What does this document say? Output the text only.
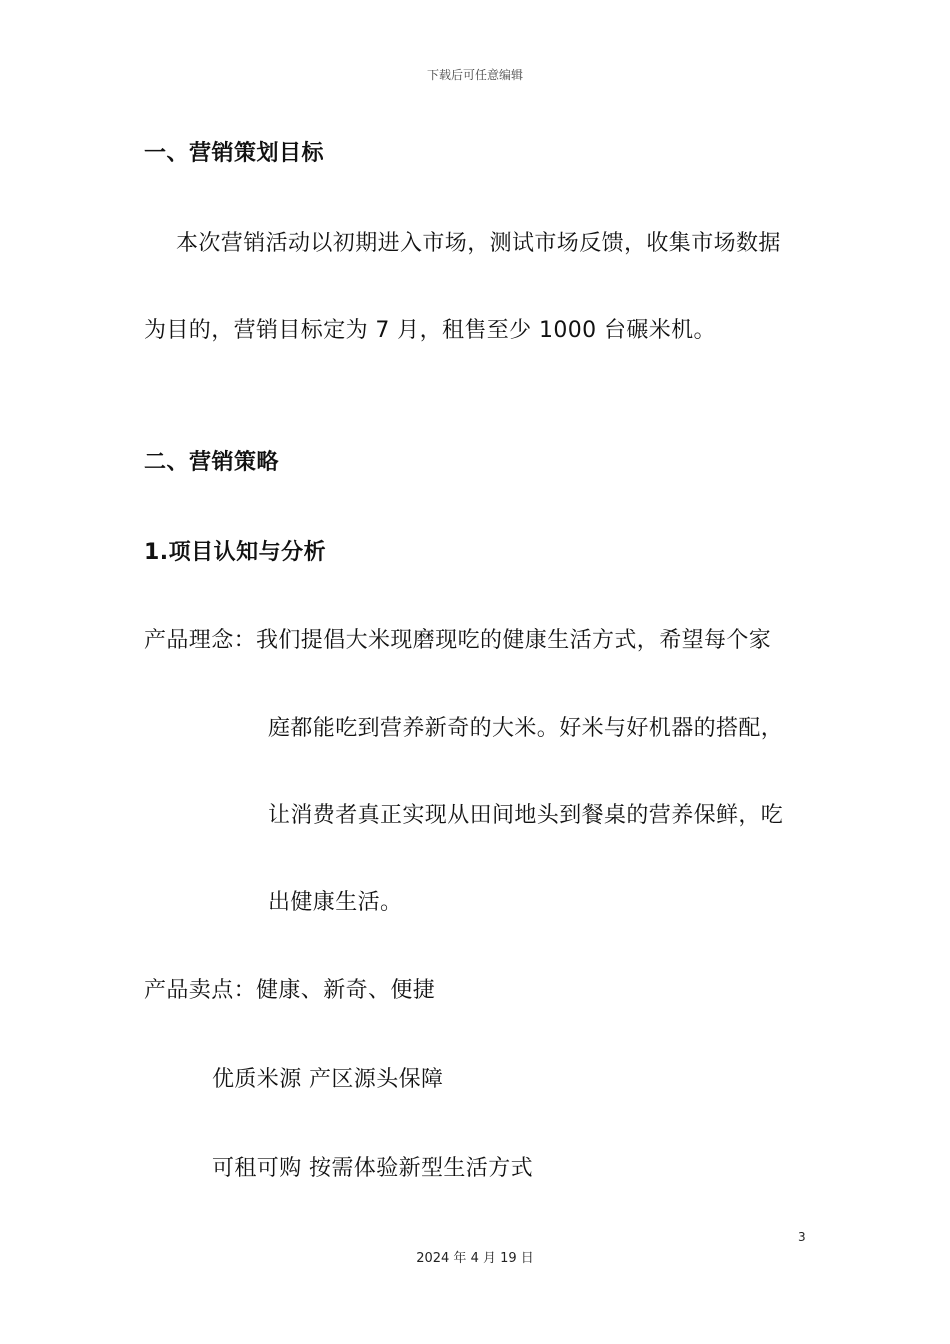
下载后可任意编辑
一、营销策划目标
本次营销活动以初期进入市场，测试市场反馈，收集市场数据
为目的，营销目标定为 7 月，租售至少 1000 台碾米机。
二、营销策略
1.项目认知与分析
产品理念：我们提倡大米现磨现吃的健康生活方式，希望每个家
庭都能吃到营养新奇的大米。好米与好机器的搭配，
让消费者真正实现从田间地头到餐桌的营养保鲜，吃
出健康生活。
产品卖点：健康、新奇、便捷
优质米源 产区源头保障
可租可购 按需体验新型生活方式
3
2024 年 4 月 19 日
